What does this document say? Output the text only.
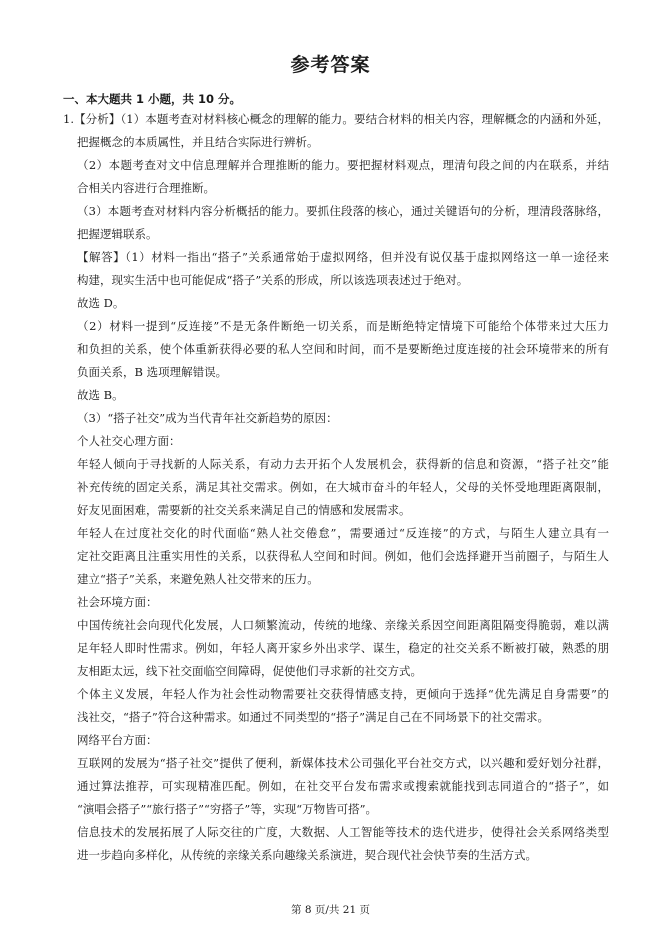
参考答案
一、本大题共 1 小题，共 10 分。
1.【分析】（1）本题考查对材料核心概念的理解的能力。要结合材料的相关内容，理解概念的内涵和外延，
把握概念的本质属性，并且结合实际进行辨析。
（2）本题考查对文中信息理解并合理推断的能力。要把握材料观点，理清句段之间的内在联系，并结
合相关内容进行合理推断。
（3）本题考查对材料内容分析概括的能力。要抓住段落的核心，通过关键语句的分析，理清段落脉络，
把握逻辑联系。
【解答】（1）材料一指出“搭子”关系通常始于虚拟网络，但并没有说仅基于虚拟网络这一单一途径来
构建，现实生活中也可能促成“搭子”关系的形成，所以该选项表述过于绝对。
故选 D。
（2）材料一提到“反连接”不是无条件断绝一切关系，而是断绝特定情境下可能给个体带来过大压力
和负担的关系，使个体重新获得必要的私人空间和时间，而不是要断绝过度连接的社会环境带来的所有
负面关系，B 选项理解错误。
故选 B。
（3）“搭子社交”成为当代青年社交新趋势的原因：
个人社交心理方面：
年轻人倾向于寻找新的人际关系，有动力去开拓个人发展机会，获得新的信息和资源，“搭子社交”能
补充传统的固定关系，满足其社交需求。例如，在大城市奋斗的年轻人，父母的关怀受地理距离限制，
好友见面困难，需要新的社交关系来满足自己的情感和发展需求。
年轻人在过度社交化的时代面临“熟人社交倦怠”，需要通过“反连接”的方式，与陌生人建立具有一
定社交距离且注重实用性的关系，以获得私人空间和时间。例如，他们会选择避开当前圈子，与陌生人
建立“搭子”关系，来避免熟人社交带来的压力。
社会环境方面：
中国传统社会向现代化发展，人口频繁流动，传统的地缘、亲缘关系因空间距离阻隔变得脆弱，难以满
足年轻人即时性需求。例如，年轻人离开家乡外出求学、谋生，稳定的社交关系不断被打破，熟悉的朋
友相距太远，线下社交面临空间障碍，促使他们寻求新的社交方式。
个体主义发展，年轻人作为社会性动物需要社交获得情感支持，更倾向于选择“优先满足自身需要”的
浅社交，“搭子”符合这种需求。如通过不同类型的“搭子”满足自己在不同场景下的社交需求。
网络平台方面：
互联网的发展为“搭子社交”提供了便利，新媒体技术公司强化平台社交方式，以兴趣和爱好划分社群，
通过算法推荐，可实现精准匹配。例如，在社交平台发布需求或搜索就能找到志同道合的“搭子”，如
“演唱会搭子”“旅行搭子”“穷搭子”等，实现“万物皆可搭”。
信息技术的发展拓展了人际交往的广度，大数据、人工智能等技术的迭代进步，使得社会关系网络类型
进一步趋向多样化，从传统的亲缘关系向趣缘关系演进，契合现代社会快节奏的生活方式。
第 8 页/共 21 页
